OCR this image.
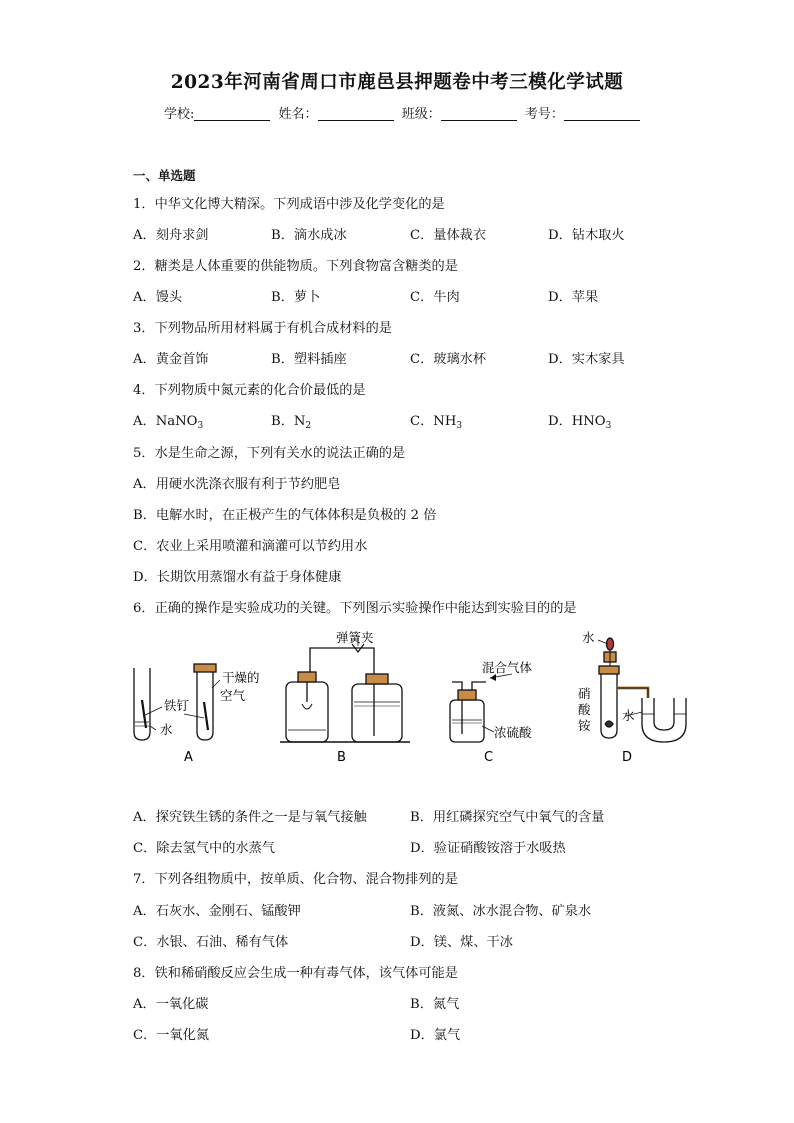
2023年河南省周口市鹿邑县押题卷中考三模化学试题
学校:	姓名：	班级：	考号：
一、单选题
1．中华文化博大精深。下列成语中涉及化学变化的是
A．刻舟求剑	B．滴水成冰	C．量体裁衣	D．钻木取火
2．糖类是人体重要的供能物质。下列食物富含糖类的是
A．馒头	B．萝卜	C．牛肉	D．苹果
3．下列物品所用材料属于有机合成材料的是
A．黄金首饰	B．塑料插座	C．玻璃水杯	D．实木家具
4．下列物质中氮元素的化合价最低的是
A．NaNO$_3$	B．$N_2$	C．$NH_3$	D．$HNO_3$
5．水是生命之源，下列有关水的说法正确的是
A．用硬水洗涤衣服有利于节约肥皂
B．电解水时，在正极产生的气体体积是负极的 2 倍
C．农业上采用喷灌和滴灌可以节约用水
D．长期饮用蒸馏水有益于身体健康
6．正确的操作是实验成功的关键。下列图示实验操作中能达到实验目的的是
铁钉
水
干燥的
空气
A
弹簧夹
B
混合气体
浓硫酸
C
水
硝
酸
铵
水
D
A．探究铁生锈的条件之一是与氧气接触	B．用红磷探究空气中氧气的含量
C．除去氢气中的水蒸气	D．验证硝酸铵溶于水吸热
7．下列各组物质中，按单质、化合物、混合物排列的是
A．石灰水、金刚石、锰酸钾	B．液氮、冰水混合物、矿泉水
C．水银、石油、稀有气体	D．镁、煤、干冰
8．铁和稀硝酸反应会生成一种有毒气体，该气体可能是
A．一氧化碳	B．氮气
C．一氧化氮	D．氯气
